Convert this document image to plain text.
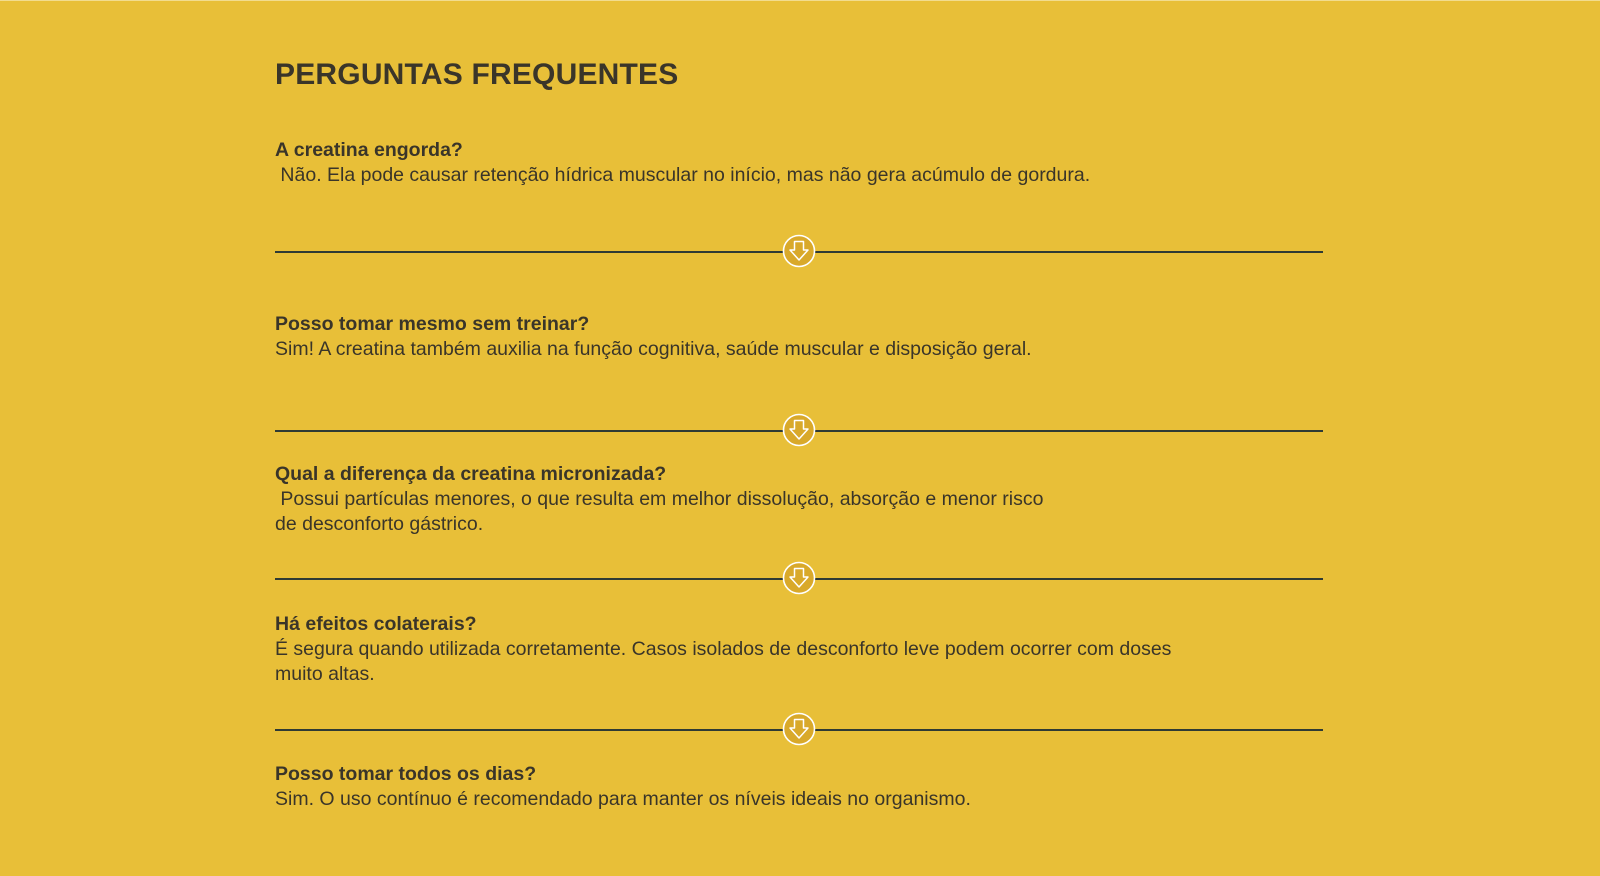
PERGUNTAS FREQUENTES

A creatina engorda?

Não. Ela pode causar retenção hídrica muscular no início, mas não gera acúmulo de gordura.

Posso tomar mesmo sem treinar?

Sim! A creatina também auxilia na função cognitiva, saúde muscular e disposição geral.

Qual a diferença da creatina micronizada?

Possui partículas menores, o que resulta em melhor dissolução, absorção e menor risco
de desconforto gástrico.

Há efeitos colaterais?

É segura quando utilizada corretamente. Casos isolados de desconforto leve podem ocorrer com doses
muito altas.

Posso tomar todos os dias?

Sim. O uso contínuo é recomendado para manter os níveis ideais no organismo.
